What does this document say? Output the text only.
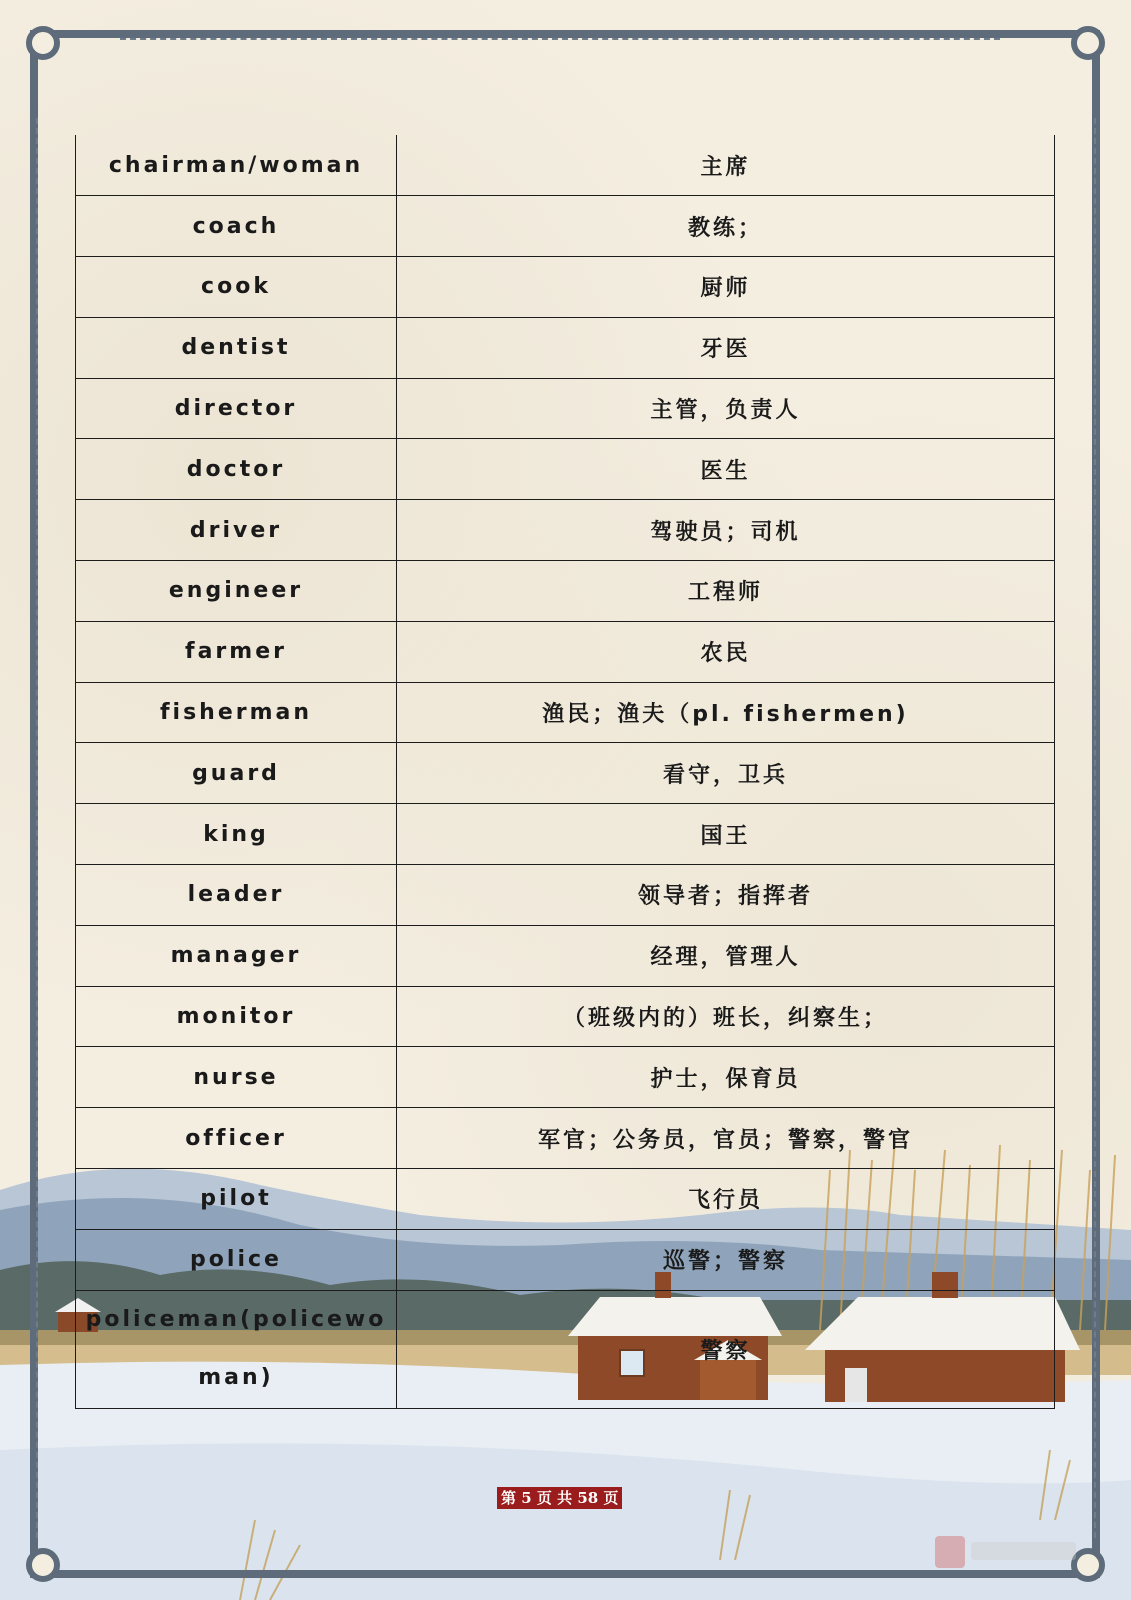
chairman/woman	主席
coach	教练；
cook	厨师
dentist	牙医
director	主管，负责人
doctor	医生
driver	驾驶员；司机
engineer	工程师
farmer	农民
fisherman	渔民；渔夫（pl. fishermen)
guard	看守，卫兵
king	国王
leader	领导者；指挥者
manager	经理，管理人
monitor	（班级内的）班长，纠察生；
nurse	护士，保育员
officer	军官；公务员，官员；警察，警官
pilot	飞行员
police	巡警；警察
policeman(policewoman)	警察
第 5 页 共 58 页
